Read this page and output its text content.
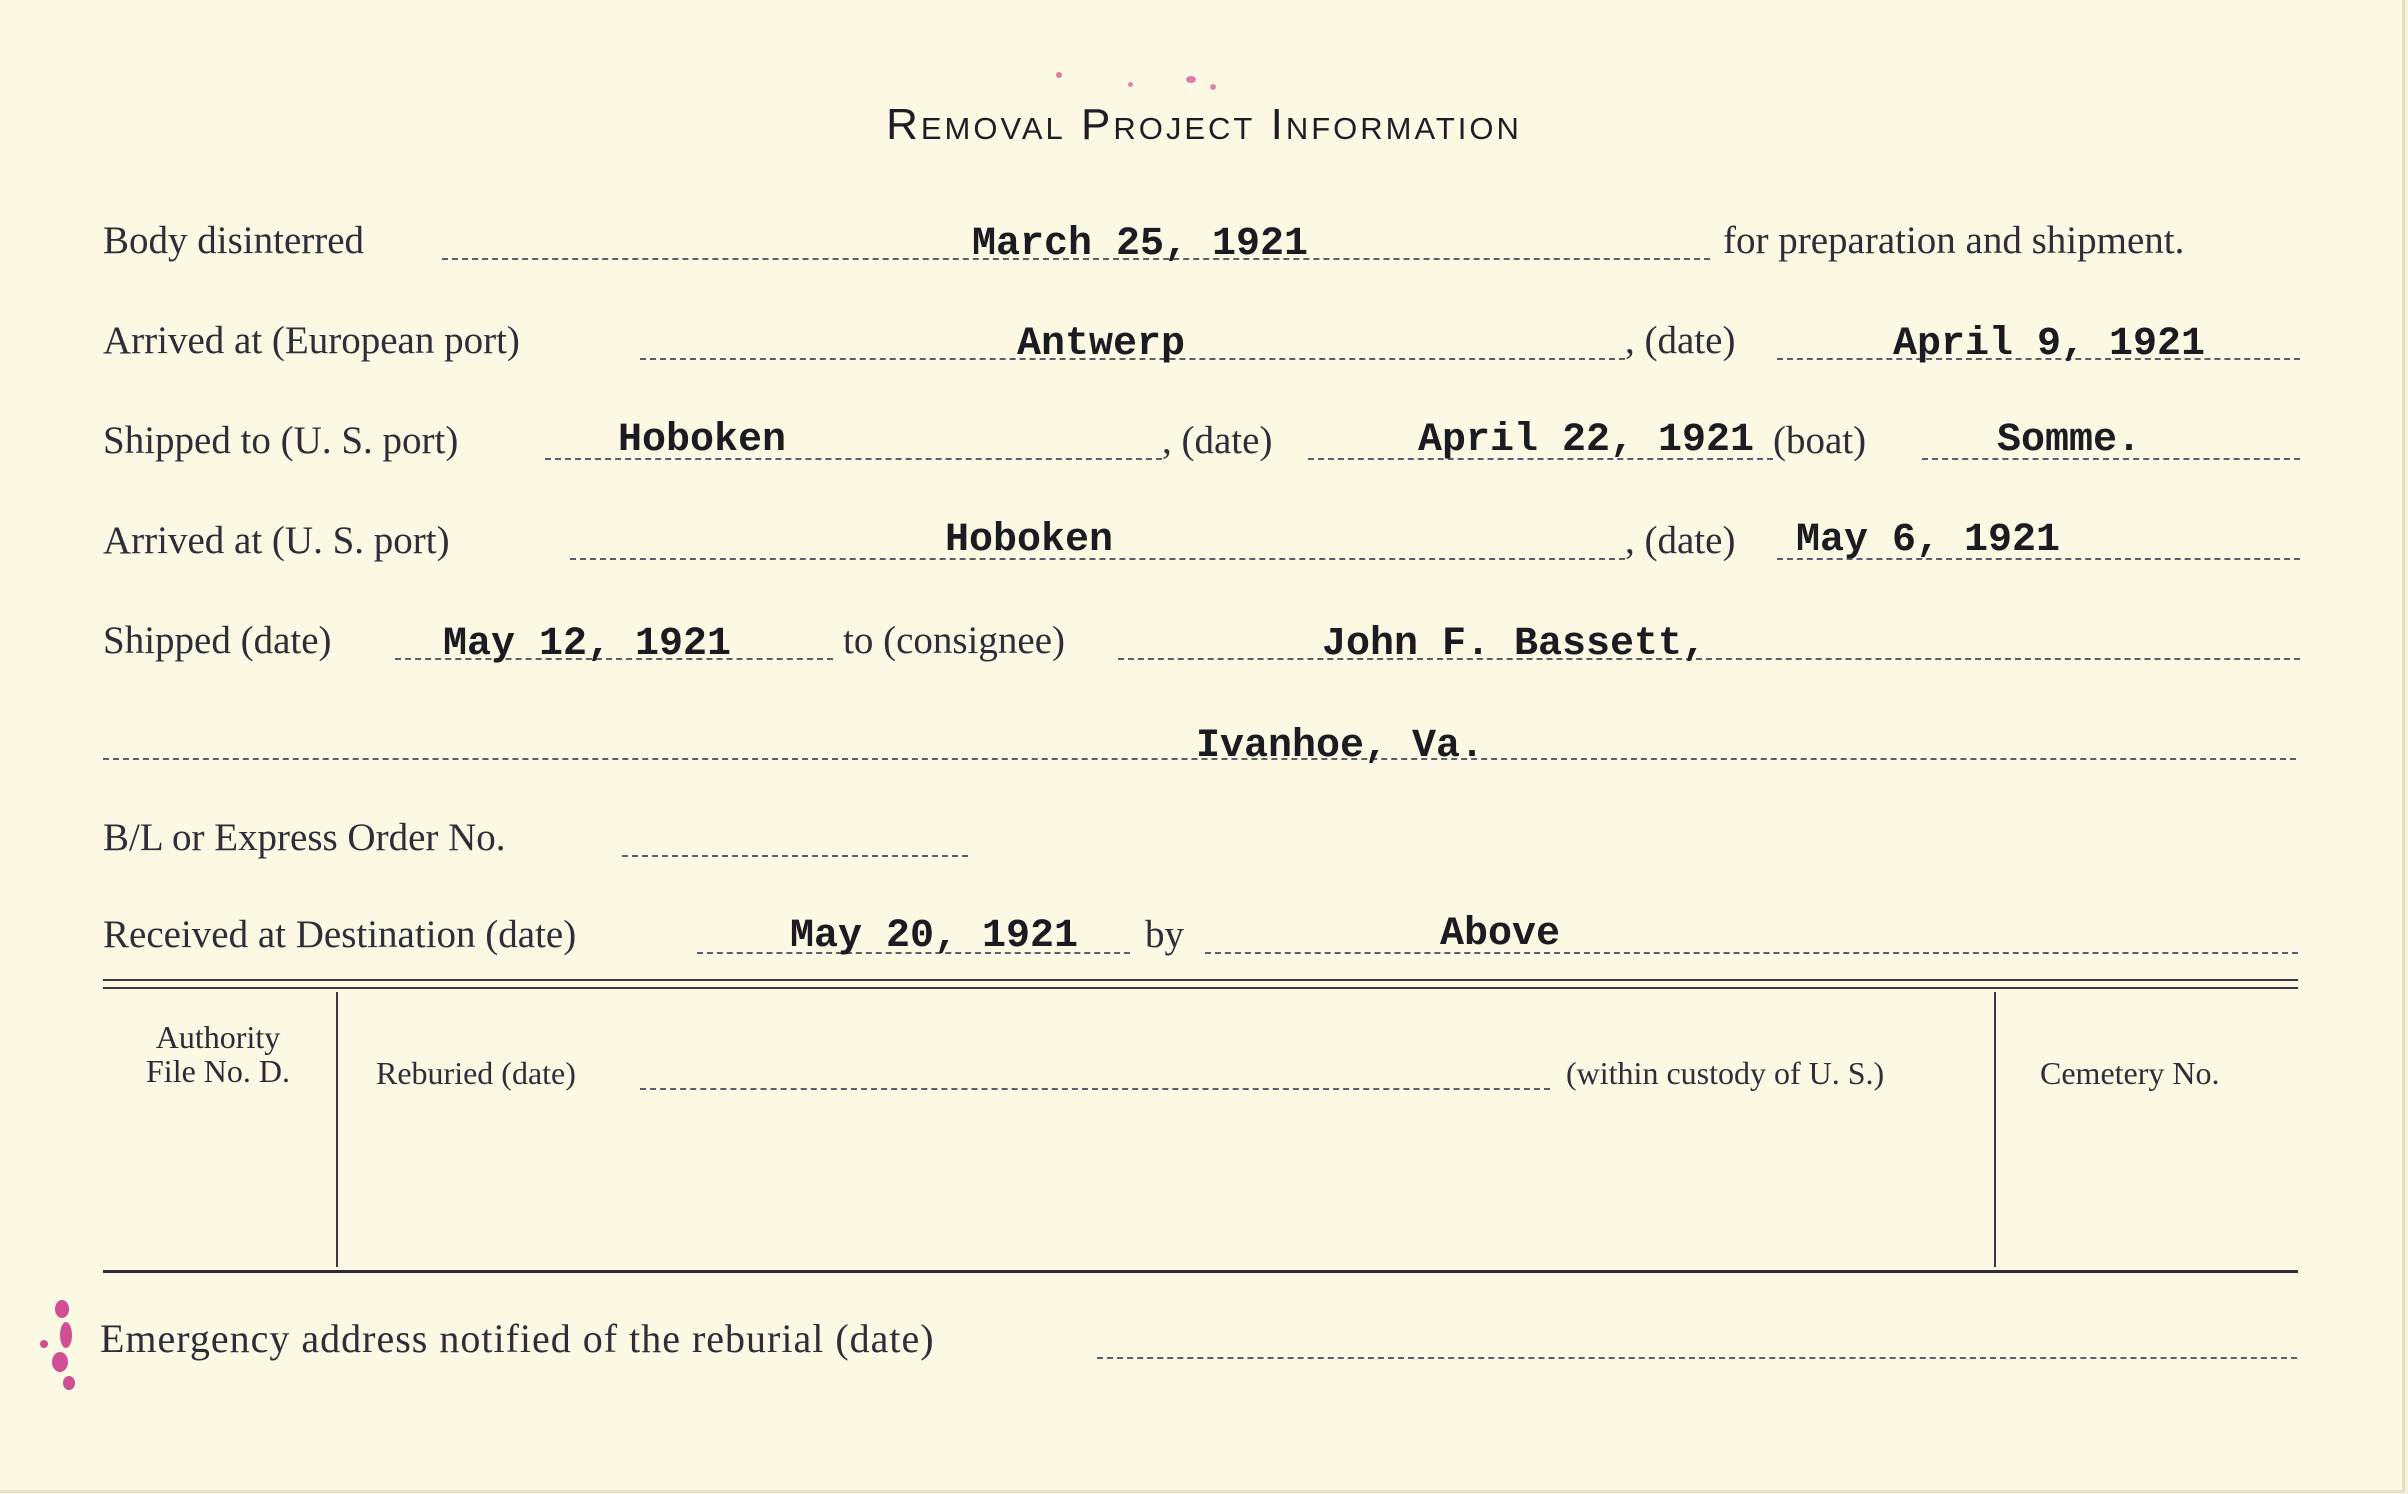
Removal Project Information
Body disinterred	March 25, 1921	for preparation and shipment.
Arrived at (European port)	Antwerp	, (date)	April 9, 1921
Shipped to (U. S. port)	Hoboken	, (date)	April 22, 1921 (boat)	Somme.
Arrived at (U. S. port)	Hoboken	, (date) May 6, 1921
Shipped (date)	May 12, 1921	to (consignee)	John F. Bassett,
Ivanhoe, Va.
B/L or Express Order No.
Received at Destination (date)	May 20, 1921 by	Above
Authority
File No. D.	Reburied (date)	(within custody of U. S.)	Cemetery No.
Emergency address notified of the reburial (date)
